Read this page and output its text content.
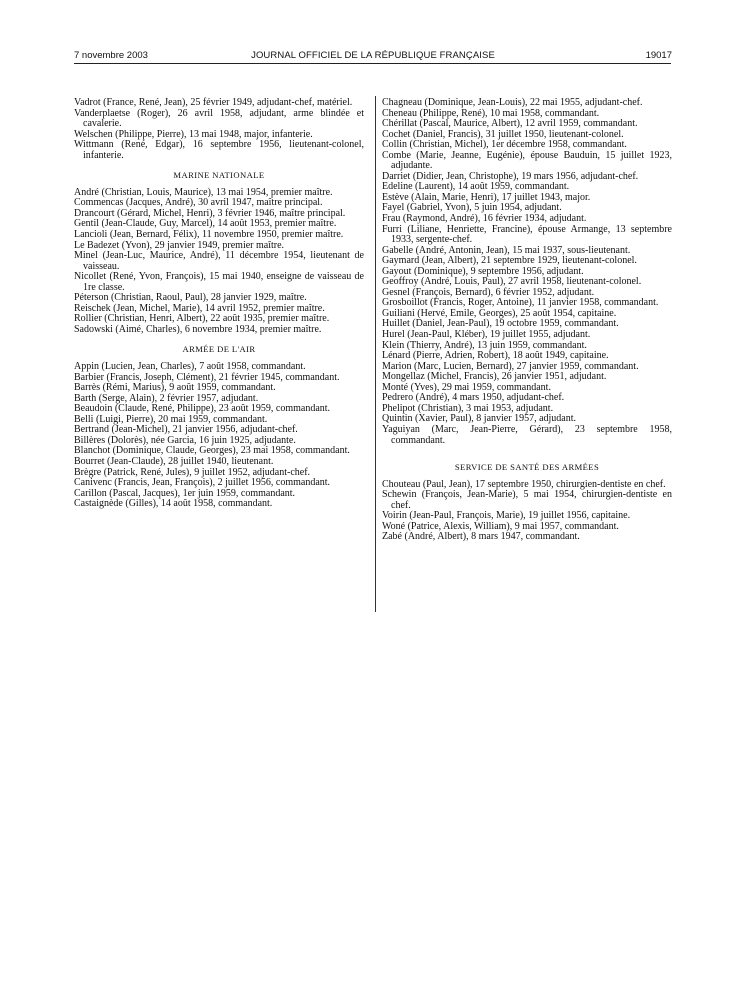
7 novembre 2003	JOURNAL OFFICIEL DE LA RÉPUBLIQUE FRANÇAISE	19017
Vadrot (France, René, Jean), 25 février 1949, adjudant-chef, matériel.
Vanderplaetse (Roger), 26 avril 1958, adjudant, arme blindée et cavalerie.
Welschen (Philippe, Pierre), 13 mai 1948, major, infanterie.
Wittmann (René, Edgar), 16 septembre 1956, lieutenant-colonel, infanterie.
MARINE NATIONALE
André (Christian, Louis, Maurice), 13 mai 1954, premier maître.
Commencas (Jacques, André), 30 avril 1947, maître principal.
Drancourt (Gérard, Michel, Henri), 3 février 1946, maître principal.
Gentil (Jean-Claude, Guy, Marcel), 14 août 1953, premier maître.
Lancioli (Jean, Bernard, Félix), 11 novembre 1950, premier maître.
Le Badezet (Yvon), 29 janvier 1949, premier maître.
Minel (Jean-Luc, Maurice, André), 11 décembre 1954, lieutenant de vaisseau.
Nicollet (René, Yvon, François), 15 mai 1940, enseigne de vaisseau de 1re classe.
Péterson (Christian, Raoul, Paul), 28 janvier 1929, maître.
Reischek (Jean, Michel, Marie), 14 avril 1952, premier maître.
Rollier (Christian, Henri, Albert), 22 août 1935, premier maître.
Sadowski (Aimé, Charles), 6 novembre 1934, premier maître.
ARMÉE DE L'AIR
Appin (Lucien, Jean, Charles), 7 août 1958, commandant.
Barbier (Francis, Joseph, Clément), 21 février 1945, commandant.
Barrès (Rémi, Marius), 9 août 1959, commandant.
Barth (Serge, Alain), 2 février 1957, adjudant.
Beaudoin (Claude, René, Philippe), 23 août 1959, commandant.
Belli (Luigi, Pierre), 20 mai 1959, commandant.
Bertrand (Jean-Michel), 21 janvier 1956, adjudant-chef.
Billères (Dolorès), née Garcia, 16 juin 1925, adjudante.
Blanchot (Dominique, Claude, Georges), 23 mai 1958, commandant.
Bourret (Jean-Claude), 28 juillet 1940, lieutenant.
Brègre (Patrick, René, Jules), 9 juillet 1952, adjudant-chef.
Canivenc (Francis, Jean, François), 2 juillet 1956, commandant.
Carillon (Pascal, Jacques), 1er juin 1959, commandant.
Castaignède (Gilles), 14 août 1958, commandant.
Chagneau (Dominique, Jean-Louis), 22 mai 1955, adjudant-chef.
Cheneau (Philippe, René), 10 mai 1958, commandant.
Chérillat (Pascal, Maurice, Albert), 12 avril 1959, commandant.
Cochet (Daniel, Francis), 31 juillet 1950, lieutenant-colonel.
Collin (Christian, Michel), 1er décembre 1958, commandant.
Combe (Marie, Jeanne, Eugénie), épouse Bauduin, 15 juillet 1923, adjudante.
Darriet (Didier, Jean, Christophe), 19 mars 1956, adjudant-chef.
Edeline (Laurent), 14 août 1959, commandant.
Estève (Alain, Marie, Henri), 17 juillet 1943, major.
Fayel (Gabriel, Yvon), 5 juin 1954, adjudant.
Frau (Raymond, André), 16 février 1934, adjudant.
Furri (Liliane, Henriette, Francine), épouse Armange, 13 septembre 1933, sergente-chef.
Gabelle (André, Antonin, Jean), 15 mai 1937, sous-lieutenant.
Gaymard (Jean, Albert), 21 septembre 1929, lieutenant-colonel.
Gayout (Dominique), 9 septembre 1956, adjudant.
Geoffroy (André, Louis, Paul), 27 avril 1958, lieutenant-colonel.
Gesnel (François, Bernard), 6 février 1952, adjudant.
Grosboillot (Francis, Roger, Antoine), 11 janvier 1958, commandant.
Guiliani (Hervé, Emile, Georges), 25 août 1954, capitaine.
Huillet (Daniel, Jean-Paul), 19 octobre 1959, commandant.
Hurel (Jean-Paul, Kléber), 19 juillet 1955, adjudant.
Klein (Thierry, André), 13 juin 1959, commandant.
Lénard (Pierre, Adrien, Robert), 18 août 1949, capitaine.
Marion (Marc, Lucien, Bernard), 27 janvier 1959, commandant.
Mongellaz (Michel, Francis), 26 janvier 1951, adjudant.
Monté (Yves), 29 mai 1959, commandant.
Pedrero (André), 4 mars 1950, adjudant-chef.
Phelipot (Christian), 3 mai 1953, adjudant.
Quintin (Xavier, Paul), 8 janvier 1957, adjudant.
Yaguiyan (Marc, Jean-Pierre, Gérard), 23 septembre 1958, commandant.
SERVICE DE SANTÉ DES ARMÉES
Chouteau (Paul, Jean), 17 septembre 1950, chirurgien-dentiste en chef.
Schewin (François, Jean-Marie), 5 mai 1954, chirurgien-dentiste en chef.
Voirin (Jean-Paul, François, Marie), 19 juillet 1956, capitaine.
Woné (Patrice, Alexis, William), 9 mai 1957, commandant.
Zabé (André, Albert), 8 mars 1947, commandant.
